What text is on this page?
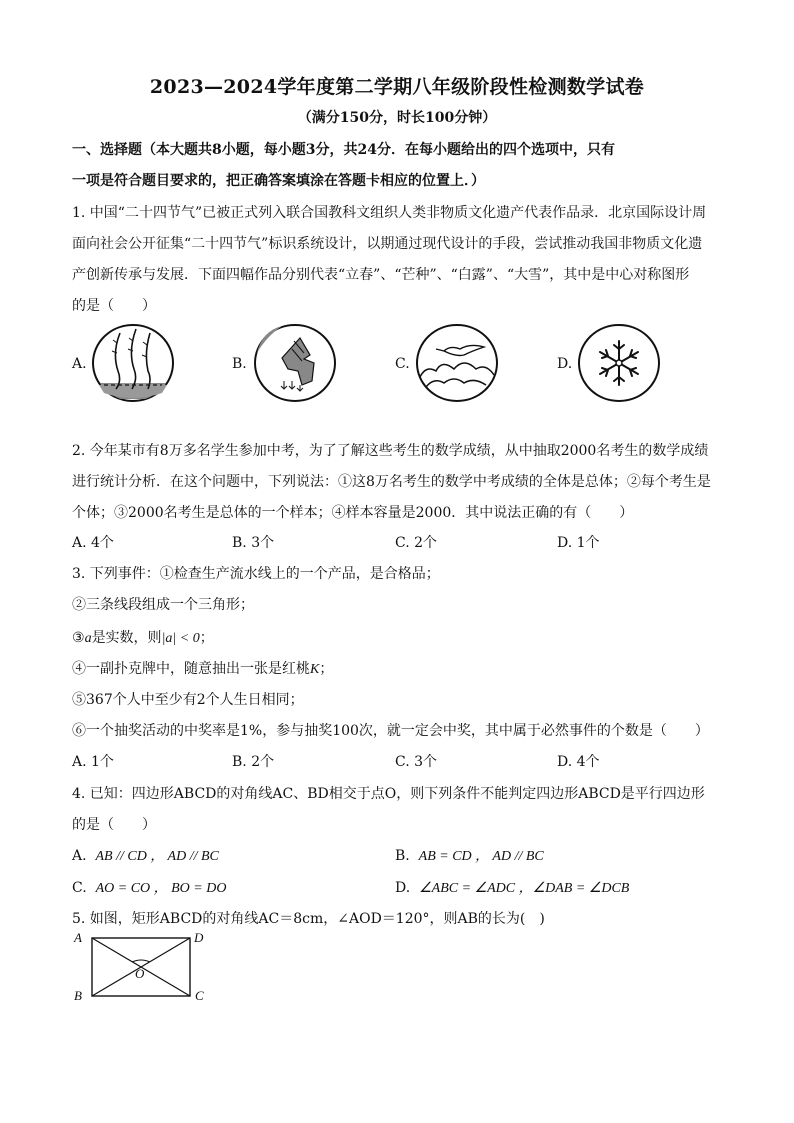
2023—2024学年度第二学期八年级阶段性检测数学试卷
（满分150分，时长100分钟）
一、选择题（本大题共8小题，每小题3分，共24分．在每小题给出的四个选项中，只有
一项是符合题目要求的，把正确答案填涂在答题卡相应的位置上．）
1. 中国“二十四节气”已被正式列入联合国教科文组织人类非物质文化遗产代表作品录．北京国际设计周
面向社会公开征集“二十四节气”标识系统设计，以期通过现代设计的手段，尝试推动我国非物质文化遗
产创新传承与发展．下面四幅作品分别代表“立春”、“芒种”、“白露”、“大雪”，其中是中心对称图形
的是（　　）
A.	B.	C.	D.
2. 今年某市有8万多名学生参加中考，为了了解这些考生的数学成绩，从中抽取2000名考生的数学成绩
进行统计分析．在这个问题中，下列说法：①这8万名考生的数学中考成绩的全体是总体；②每个考生是
个体；③2000名考生是总体的一个样本；④样本容量是2000．其中说法正确的有（　　）
A. 4个	B. 3个	C. 2个	D. 1个
3. 下列事件：①检查生产流水线上的一个产品，是合格品；
②三条线段组成一个三角形；
③a是实数，则|a| < 0；
④一副扑克牌中，随意抽出一张是红桃K；
⑤367个人中至少有2个人生日相同；
⑥一个抽奖活动的中奖率是1%，参与抽奖100次，就一定会中奖，其中属于必然事件的个数是（　　）
A. 1个	B. 2个	C. 3个	D. 4个
4. 已知：四边形ABCD的对角线AC、BD相交于点O，则下列条件不能判定四边形ABCD是平行四边形
的是（　　）
A. AB // CD ， AD // BC	B. AB = CD ， AD // BC
C. AO = CO ， BO = DO	D. ∠ABC = ∠ADC ，∠DAB = ∠DCB
5. 如图，矩形ABCD的对角线AC＝8cm，∠AOD＝120°，则AB的长为(　)
A	D
B	C
O
